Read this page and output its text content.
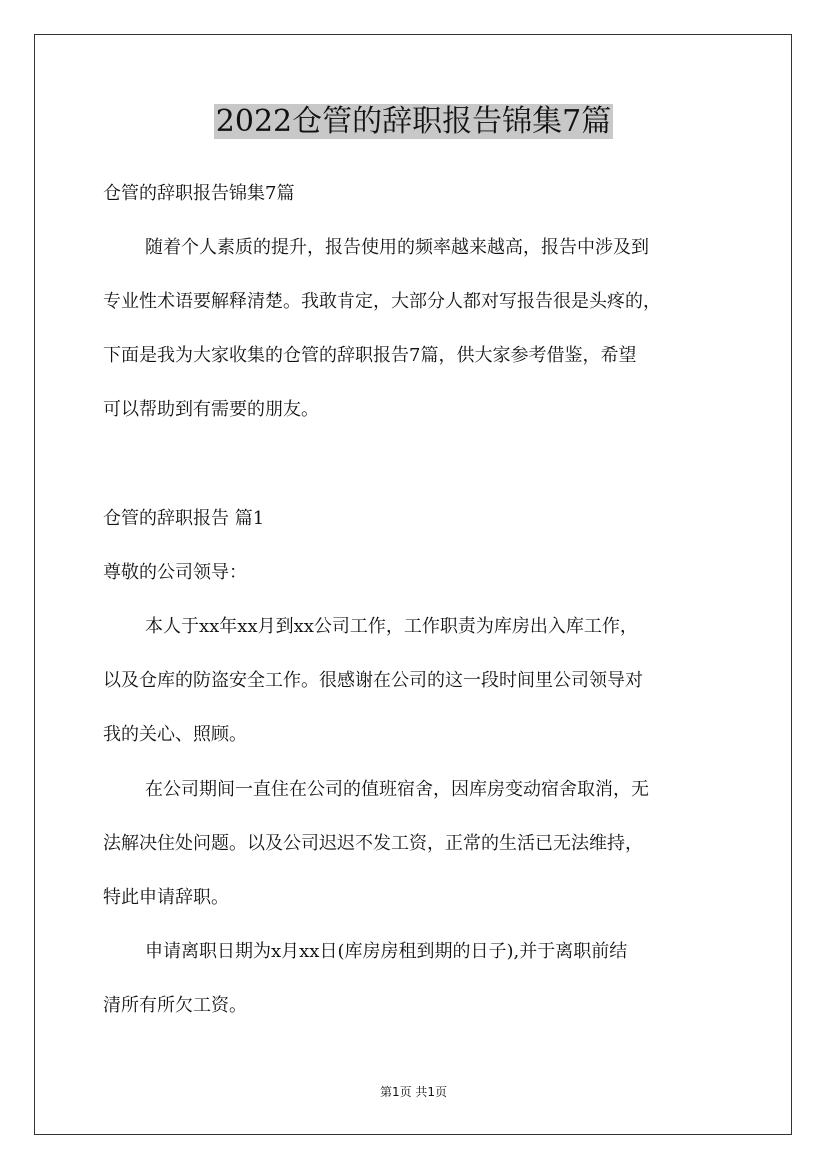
2022仓管的辞职报告锦集7篇

仓管的辞职报告锦集7篇

随着个人素质的提升，报告使用的频率越来越高，报告中涉及到

专业性术语要解释清楚。我敢肯定，大部分人都对写报告很是头疼的，

下面是我为大家收集的仓管的辞职报告7篇，供大家参考借鉴，希望

可以帮助到有需要的朋友。

仓管的辞职报告 篇1

尊敬的公司领导：

本人于xx年xx月到xx公司工作，工作职责为库房出入库工作，

以及仓库的防盗安全工作。很感谢在公司的这一段时间里公司领导对

我的关心、照顾。

在公司期间一直住在公司的值班宿舍，因库房变动宿舍取消，无

法解决住处问题。以及公司迟迟不发工资，正常的生活已无法维持，

特此申请辞职。

申请离职日期为x月xx日(库房房租到期的日子),并于离职前结

清所有所欠工资。

第1页 共1页
